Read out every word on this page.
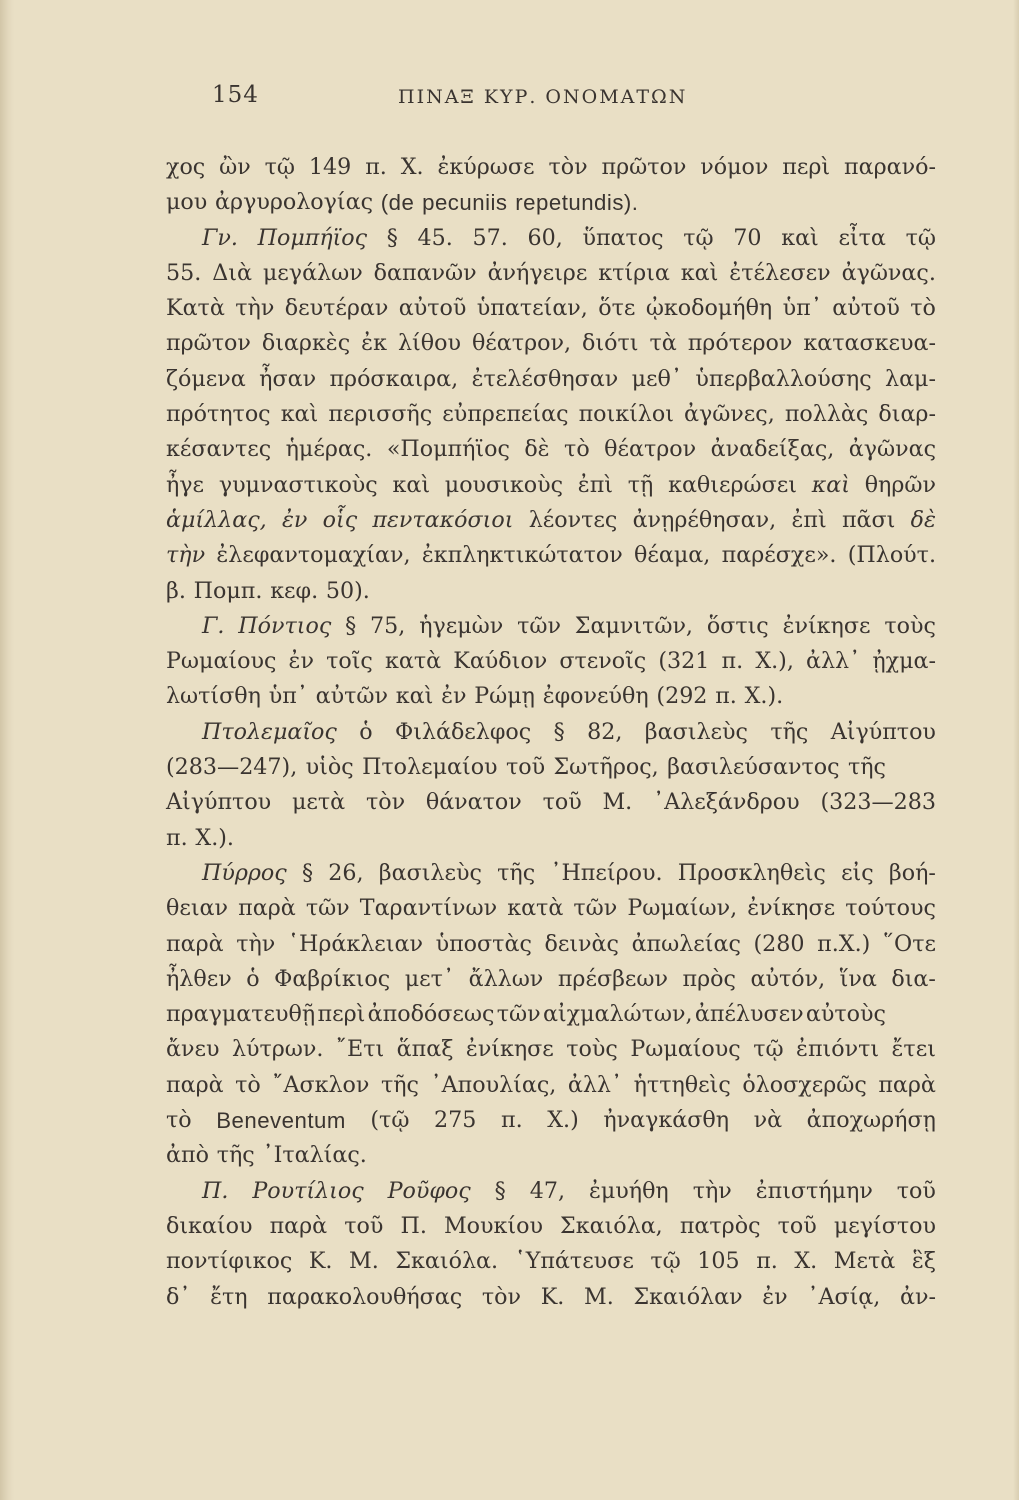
154	ΠΙΝΑΞ ΚΥΡ. ΟΝΟΜΑΤΩΝ
χος ὢν τῷ 149 π. Χ. ἐκύρωσε τὸν πρῶτον νόμον περὶ παρανό-
μου ἀργυρολογίας (de pecuniis repetundis).
Γν. Πομπήϊος § 45. 57. 60, ὕπατος τῷ 70 καὶ εἶτα τῷ
55. Διὰ μεγάλων δαπανῶν ἀνήγειρε κτίρια καὶ ἐτέλεσεν ἀγῶνας.
Κατὰ τὴν δευτέραν αὐτοῦ ὑπατείαν, ὅτε ᾠκοδομήθη ὑπ᾽ αὐτοῦ τὸ
πρῶτον διαρκὲς ἐκ λίθου θέατρον, διότι τὰ πρότερον κατασκευα-
ζόμενα ἦσαν πρόσκαιρα, ἐτελέσθησαν μεθ᾽ ὑπερβαλλούσης λαμ-
πρότητος καὶ περισσῆς εὐπρεπείας ποικίλοι ἀγῶνες, πολλὰς διαρ-
κέσαντες ἡμέρας. «Πομπήϊος δὲ τὸ θέατρον ἀναδείξας, ἀγῶνας
ἦγε γυμναστικοὺς καὶ μουσικοὺς ἐπὶ τῇ καθιερώσει καὶ θηρῶν
ἁμίλλας, ἐν οἷς πεντακόσιοι λέοντες ἀνῃρέθησαν, ἐπὶ πᾶσι δὲ
τὴν ἐλεφαντομαχίαν, ἐκπληκτικώτατον θέαμα, παρέσχε». (Πλούτ.
β. Πομπ. κεφ. 50).
Γ. Πόντιος § 75, ἡγεμὼν τῶν Σαμνιτῶν, ὅστις ἐνίκησε τοὺς
Ρωμαίους ἐν τοῖς κατὰ Καύδιον στενοῖς (321 π. Χ.), ἀλλ᾽ ᾐχμα-
λωτίσθη ὑπ᾽ αὐτῶν καὶ ἐν Ρώμῃ ἐφονεύθη (292 π. Χ.).
Πτολεμαῖος ὁ Φιλάδελφος § 82, βασιλεὺς τῆς Αἰγύπτου
(283—247), υἱὸς Πτολεμαίου τοῦ Σωτῆρος, βασιλεύσαντος τῆς
Αἰγύπτου μετὰ τὸν θάνατον τοῦ Μ. ᾽Αλεξάνδρου (323—283
π. Χ.).
Πύρρος § 26, βασιλεὺς τῆς ᾽Ηπείρου. Προσκληθεὶς εἰς βοή-
θειαν παρὰ τῶν Ταραντίνων κατὰ τῶν Ρωμαίων, ἐνίκησε τούτους
παρὰ τὴν ῾Ηράκλειαν ὑποστὰς δεινὰς ἀπωλείας (280 π.Χ.) ῞Οτε
ἦλθεν ὁ Φαβρίκιος μετ᾽ ἄλλων πρέσβεων πρὸς αὐτόν, ἵνα δια-
πραγματευθῇ περὶ ἀποδόσεως τῶν αἰχμαλώτων, ἀπέλυσεν αὐτοὺς
ἄνευ λύτρων. ῎Ετι ἅπαξ ἐνίκησε τοὺς Ρωμαίους τῷ ἐπιόντι ἔτει
παρὰ τὸ ῎Ασκλον τῆς ᾽Απουλίας, ἀλλ᾽ ἡττηθεὶς ὁλοσχερῶς παρὰ
τὸ Beneventum (τῷ 275 π. Χ.) ἠναγκάσθη νὰ ἀποχωρήσῃ
ἀπὸ τῆς ᾽Ιταλίας.
Π. Ρουτίλιος Ροῦφος § 47, ἐμυήθη τὴν ἐπιστήμην τοῦ
δικαίου παρὰ τοῦ Π. Μουκίου Σκαιόλα, πατρὸς τοῦ μεγίστου
ποντίφικος Κ. Μ. Σκαιόλα. ῾Υπάτευσε τῷ 105 π. Χ. Μετὰ ἓξ
δ᾽ ἔτη παρακολουθήσας τὸν Κ. Μ. Σκαιόλαν ἐν ᾽Ασίᾳ, ἀν-
